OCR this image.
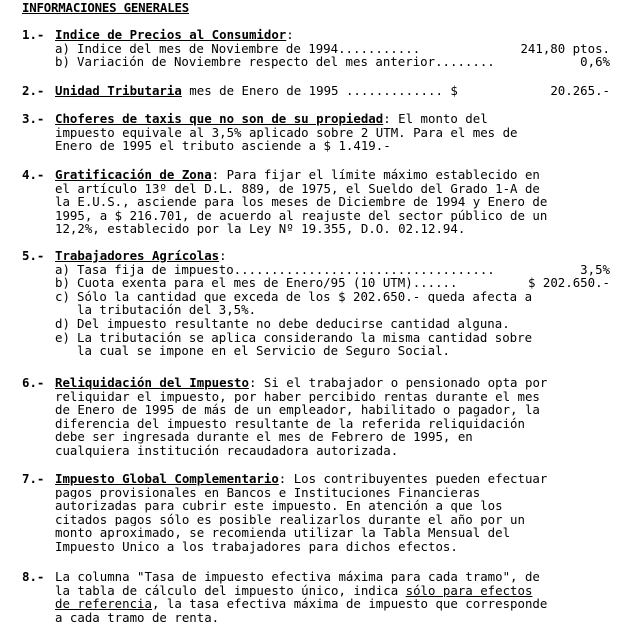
INFORMACIONES GENERALES
1.- Indice de Precios al Consumidor:
a) Indice del mes de Noviembre de 1994 ...........	241,80 ptos.
b) Variación de Noviembre respecto del mes anterior ........	0,6%
2.- Unidad Tributaria
mes de Enero de 1995 ............. $	20.265.-
3.- Choferes de taxis que no son de su propiedad: El monto del
impuesto equivale al 3,5% aplicado sobre 2 UTM. Para el mes de
Enero de 1995 el tributo asciende a $ 1.419.-
4.- Gratificación de Zona: Para fijar el límite máximo establecido en
el artículo 13º del D.L. 889, de 1975, el Sueldo del Grado 1-A de
la E.U.S., asciende para los meses de Diciembre de 1994 y Enero de
1995, a $ 216.701, de acuerdo al reajuste del sector público de un
12,2%, establecido por la Ley Nº 19.355, D.O. 02.12.94.
5.- Trabajadores Agrícolas:
a) Tasa fija de impuesto ...................................	3,5%
b) Cuota exenta para el mes de Enero/95 (10 UTM) ......	$ 202.650.-
c) Sólo la cantidad que exceda de los $ 202.650.- queda afecta a
la tributación del 3,5%.
d) Del impuesto resultante no debe deducirse cantidad alguna.
e) La tributación se aplica considerando la misma cantidad sobre
la cual se impone en el Servicio de Seguro Social.
6.- Reliquidación del Impuesto: Si el trabajador o pensionado opta por
reliquidar el impuesto, por haber percibido rentas durante el mes
de Enero de 1995 de más de un empleador, habilitado o pagador, la
diferencia del impuesto resultante de la referida reliquidación
debe ser ingresada durante el mes de Febrero de 1995, en
cualquiera institución recaudadora autorizada.
7.- Impuesto Global Complementario: Los contribuyentes pueden efectuar
pagos provisionales en Bancos e Instituciones Financieras
autorizadas para cubrir este impuesto. En atención a que los
citados pagos sólo es posible realizarlos durante el año por un
monto aproximado, se recomienda utilizar la Tabla Mensual del
Impuesto Unico a los trabajadores para dichos efectos.
8.- La columna "Tasa de impuesto efectiva máxima para cada tramo", de
la tabla de cálculo del impuesto único, indica sólo para efectos
de referencia, la tasa efectiva máxima de impuesto que corresponde
a cada tramo de renta.
